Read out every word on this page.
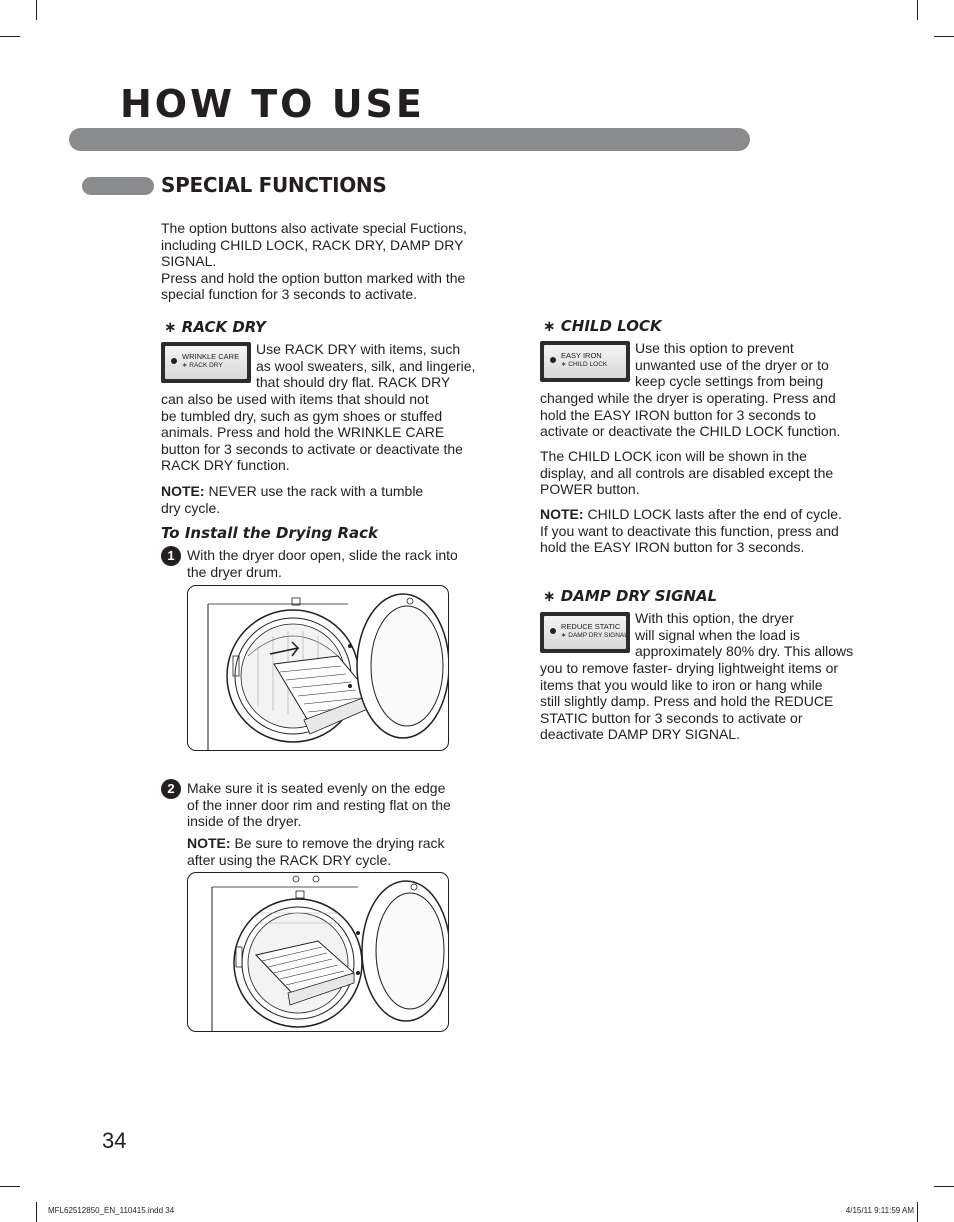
HOW TO USE
SPECIAL FUNCTIONS
The option buttons also activate special Fuctions,
including CHILD LOCK, RACK DRY, DAMP DRY
SIGNAL.
Press and hold the option button marked with the
special function for 3 seconds to activate.
∗ RACK DRY
WRINKLE CARE
∗ RACK DRY
Use RACK DRY with items, such
as wool sweaters, silk, and lingerie,
that should dry flat. RACK DRY
can also be used with items that should not
be tumbled dry, such as gym shoes or stuffed
animals. Press and hold the WRINKLE CARE
button for 3 seconds to activate or deactivate the
RACK DRY function.
NOTE: NEVER use the rack with a tumble
dry cycle.
To Install the Drying Rack
1 With the dryer door open, slide the rack into
the dryer drum.
2 Make sure it is seated evenly on the edge
of the inner door rim and resting flat on the
inside of the dryer.
NOTE: Be sure to remove the drying rack
after using the RACK DRY cycle.
∗ CHILD LOCK
EASY IRON
∗ CHILD LOCK
Use this option to prevent
unwanted use of the dryer or to
keep cycle settings from being
changed while the dryer is operating. Press and
hold the EASY IRON button for 3 seconds to
activate or deactivate the CHILD LOCK function.
The CHILD LOCK icon will be shown in the
display, and all controls are disabled except the
POWER button.
NOTE: CHILD LOCK lasts after the end of cycle.
If you want to deactivate this function, press and
hold the EASY IRON button for 3 seconds.
∗ DAMP DRY SIGNAL
REDUCE STATIC
∗ DAMP DRY SIGNAL
With this option, the dryer
will signal when the load is
approximately 80% dry. This allows
you to remove faster- drying lightweight items or
items that you would like to iron or hang while
still slightly damp. Press and hold the REDUCE
STATIC button for 3 seconds to activate or
deactivate DAMP DRY SIGNAL.
34
MFL62512850_EN_110415.indd 34	4/15/11 9:11:59 AM
